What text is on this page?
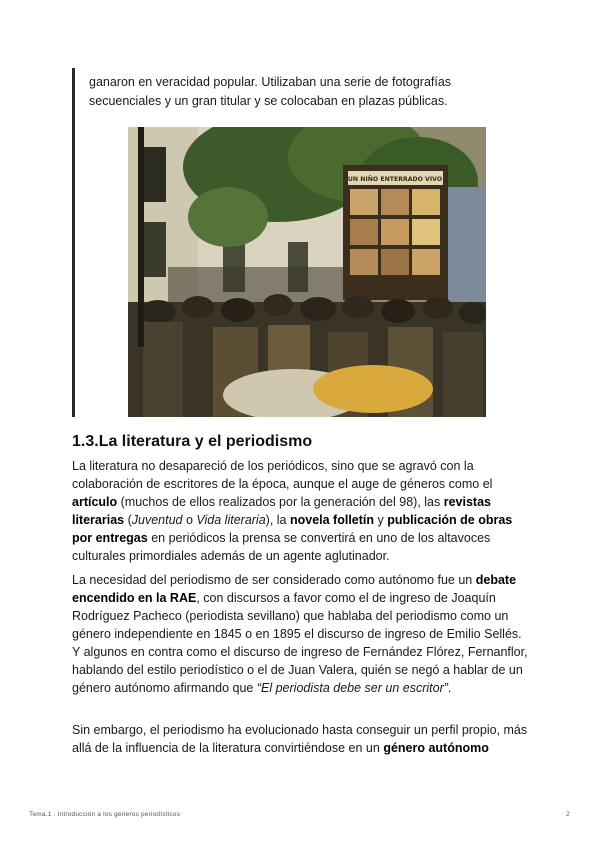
ganaron en veracidad popular. Utilizaban una serie de fotografías secuenciales y un gran titular y se colocaban en plazas públicas.

UN NIÑO ENTERRADO VIVO
1.3.La literatura y el periodismo

La literatura no desapareció de los periódicos, sino que se agravó con la colaboración de escritores de la época, aunque el auge de géneros como el artículo (muchos de ellos realizados por la generación del 98), las revistas literarias (Juventud o Vida literaria), la novela folletín y publicación de obras por entregas en periódicos la prensa se convertirá en uno de los altavoces culturales primordiales además de un agente aglutinador.

La necesidad del periodismo de ser considerado como autónomo fue un debate encendido en la RAE, con discursos a favor como el de ingreso de Joaquín Rodríguez Pacheco (periodista sevillano) que hablaba del periodismo como un género independiente en 1845 o en 1895 el discurso de ingreso de Emilio Sellés. Y algunos en contra como el discurso de ingreso de Fernández Flórez, Fernanflor, hablando del estilo periodístico o el de Juan Valera, quién se negó a hablar de un género autónomo afirmando que “El periodista debe ser un escritor”.

Sin embargo, el periodismo ha evolucionado hasta conseguir un perfil propio, más allá de la influencia de la literatura convirtiéndose en un género autónomo

Tema.1 . Introducción a los generos periodísticos	2
